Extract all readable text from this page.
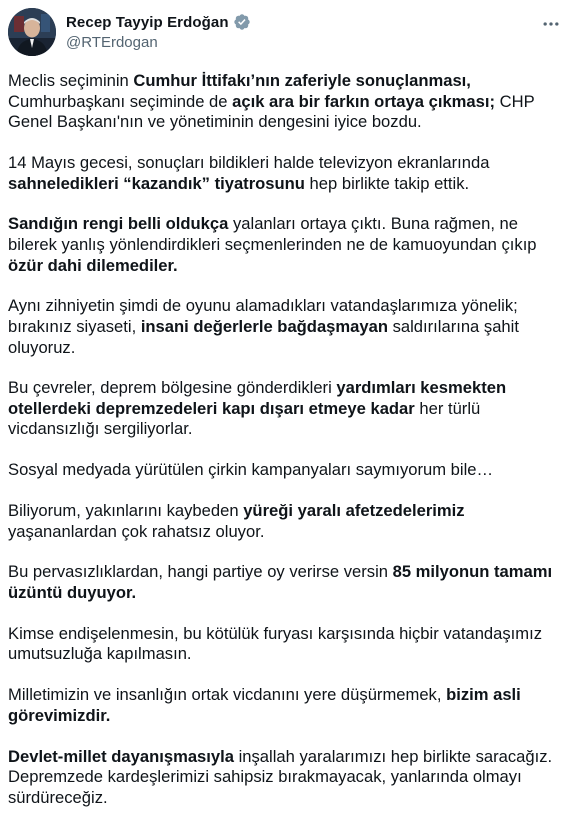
Recep Tayyip Erdoğan
@RTErdogan

Meclis seçiminin Cumhur İttifakı’nın zaferiyle sonuçlanması, Cumhurbaşkanı seçiminde de açık ara bir farkın ortaya çıkması; CHP Genel Başkanı'nın ve yönetiminin dengesini iyice bozdu.

14 Mayıs gecesi, sonuçları bildikleri halde televizyon ekranlarında sahneledikleri “kazandık” tiyatrosunu hep birlikte takip ettik.

Sandığın rengi belli oldukça yalanları ortaya çıktı. Buna rağmen, ne bilerek yanlış yönlendirdikleri seçmenlerinden ne de kamuoyundan çıkıp özür dahi dilemediler.

Aynı zihniyetin şimdi de oyunu alamadıkları vatandaşlarımıza yönelik; bırakınız siyaseti, insani değerlerle bağdaşmayan saldırılarına şahit oluyoruz.

Bu çevreler, deprem bölgesine gönderdikleri yardımları kesmekten otellerdeki depremzedeleri kapı dışarı etmeye kadar her türlü vicdansızlığı sergiliyorlar.

Sosyal medyada yürütülen çirkin kampanyaları saymıyorum bile…

Biliyorum, yakınlarını kaybeden yüreği yaralı afetzedelerimiz yaşananlardan çok rahatsız oluyor.

Bu pervasızlıklardan, hangi partiye oy verirse versin 85 milyonun tamamı üzüntü duyuyor.

Kimse endişelenmesin, bu kötülük furyası karşısında hiçbir vatandaşımız umutsuzluğa kapılmasın.

Milletimizin ve insanlığın ortak vicdanını yere düşürmemek, bizim asli görevimizdir.

Devlet-millet dayanışmasıyla inşallah yaralarımızı hep birlikte saracağız. Depremzede kardeşlerimizi sahipsiz bırakmayacak, yanlarında olmayı sürdüreceğiz.
